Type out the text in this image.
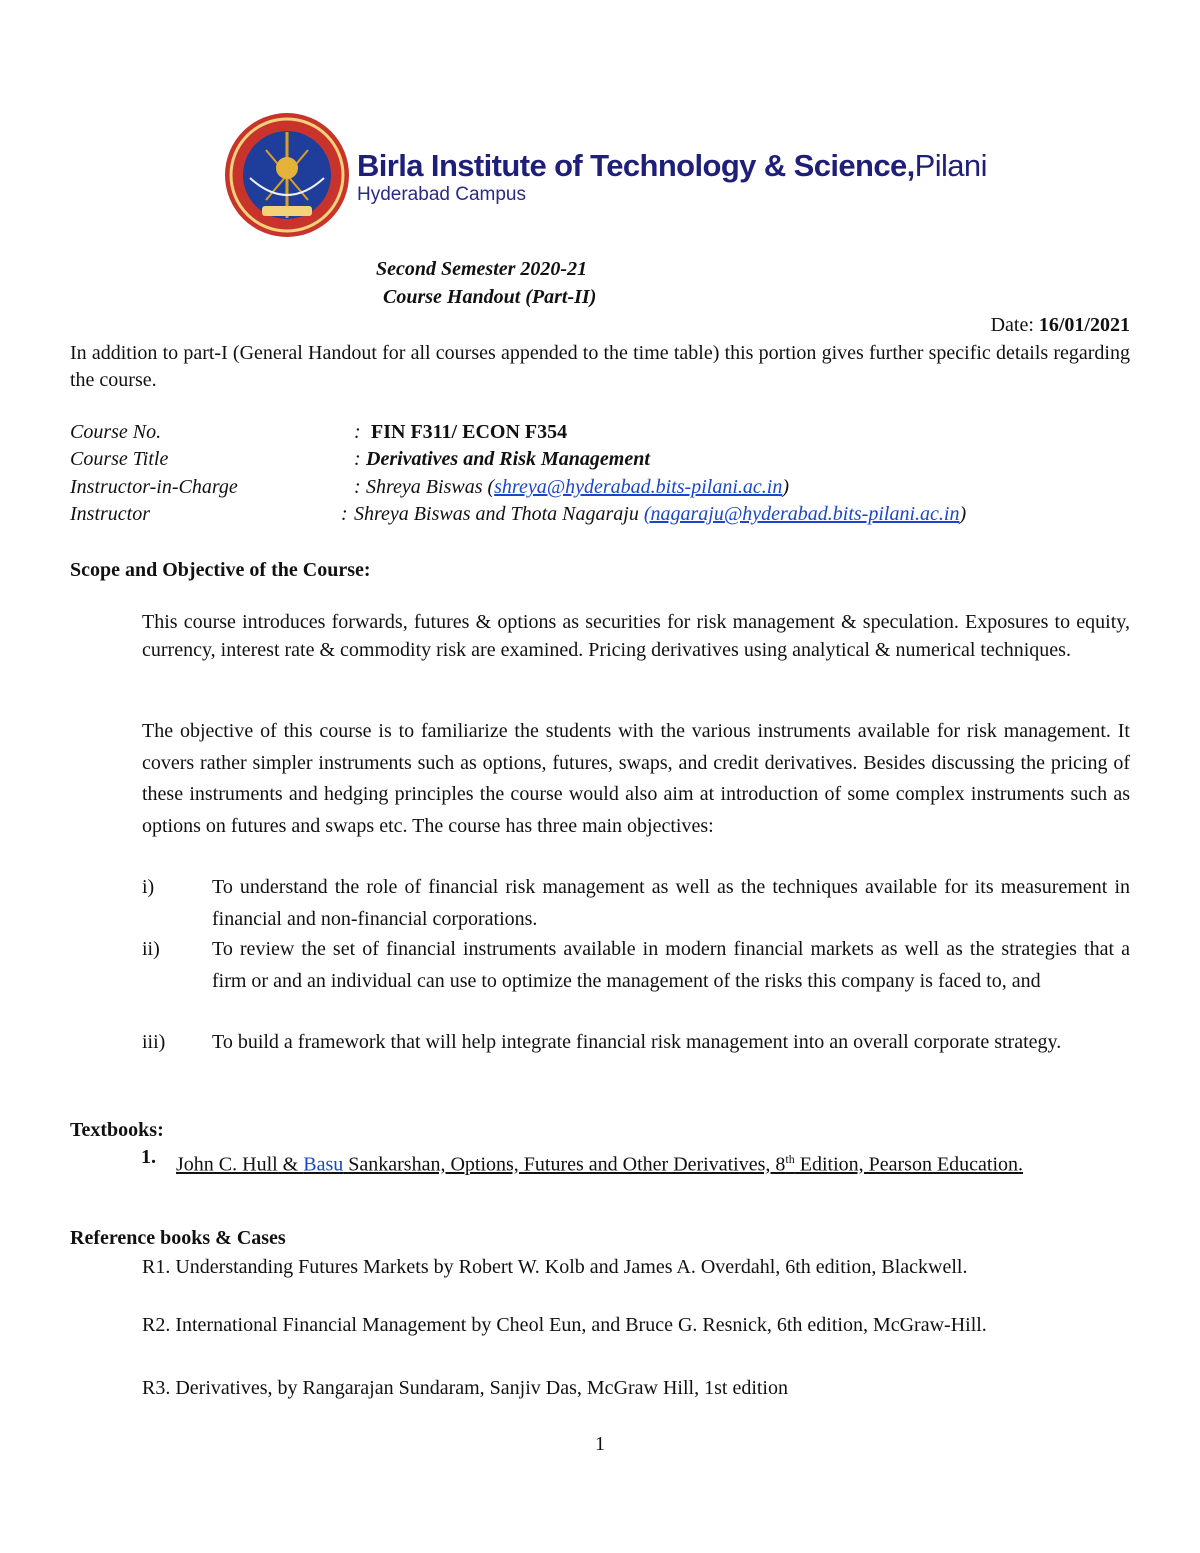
Birla Institute of Technology & Science,Pilani
Hyderabad Campus
Second Semester 2020-21
Course Handout (Part-II)
Date: 16/01/2021
In addition to part-I (General Handout for all courses appended to the time table) this portion gives further specific details regarding the course.
Course No.	: FIN F311/ ECON F354
Course Title	: Derivatives and Risk Management
Instructor-in-Charge	: Shreya Biswas (shreya@hyderabad.bits-pilani.ac.in)
Instructor	: Shreya Biswas and Thota Nagaraju (nagaraju@hyderabad.bits-pilani.ac.in)
Scope and Objective of the Course:
This course introduces forwards, futures & options as securities for risk management & speculation. Exposures to equity, currency, interest rate & commodity risk are examined. Pricing derivatives using analytical & numerical techniques.
The objective of this course is to familiarize the students with the various instruments available for risk management. It covers rather simpler instruments such as options, futures, swaps, and credit derivatives. Besides discussing the pricing of these instruments and hedging principles the course would also aim at introduction of some complex instruments such as options on futures and swaps etc. The course has three main objectives:
i)	To understand the role of financial risk management as well as the techniques available for its measurement in financial and non-financial corporations.
ii)	To review the set of financial instruments available in modern financial markets as well as the strategies that a firm or and an individual can use to optimize the management of the risks this company is faced to, and
iii) To build a framework that will help integrate financial risk management into an overall corporate strategy.
Textbooks:
1. John C. Hull & Basu Sankarshan, Options, Futures and Other Derivatives, 8th Edition, Pearson Education.
Reference books & Cases
R1. Understanding Futures Markets by Robert W. Kolb and James A. Overdahl, 6th edition, Blackwell.
R2. International Financial Management by Cheol Eun, and Bruce G. Resnick, 6th edition, McGraw-Hill.
R3. Derivatives, by Rangarajan Sundaram, Sanjiv Das, McGraw Hill, 1st edition
1
